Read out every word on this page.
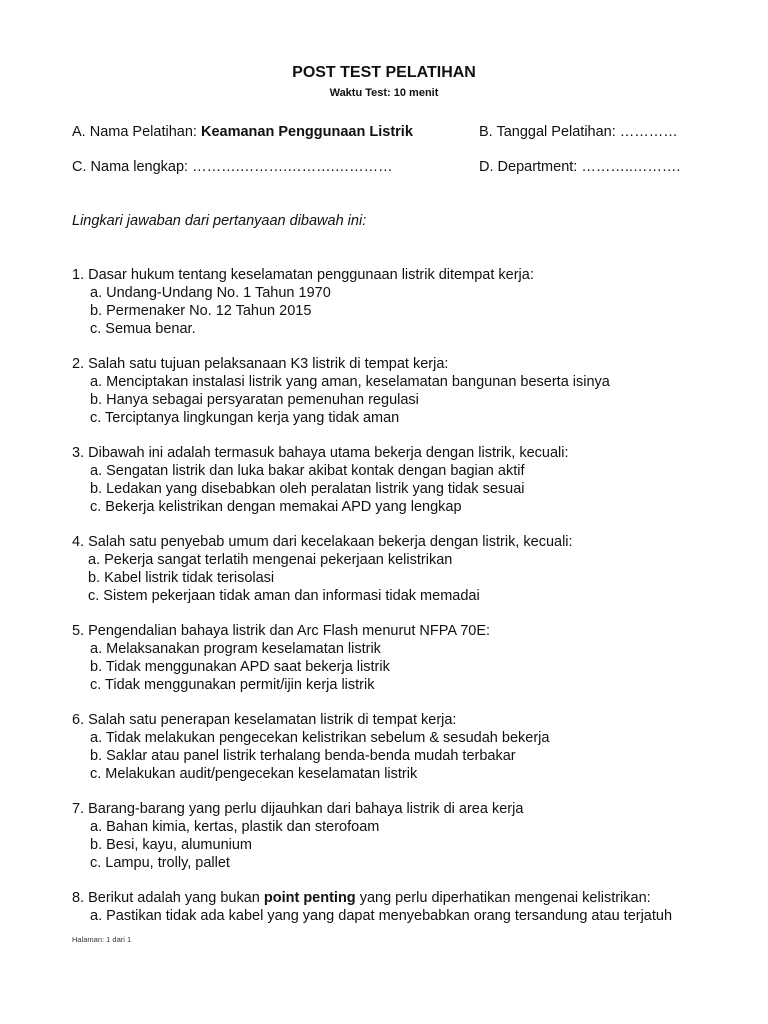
POST TEST PELATIHAN
Waktu Test: 10 menit
A. Nama Pelatihan: Keamanan Penggunaan Listrik	B. Tanggal Pelatihan: …………
C. Nama lengkap: ……….……….……….…………	D. Department: ………..……….
Lingkari jawaban dari pertanyaan dibawah ini:
1. Dasar hukum tentang keselamatan penggunaan listrik ditempat kerja:
a. Undang-Undang No. 1 Tahun 1970
b. Permenaker No. 12 Tahun 2015
c. Semua benar.
2. Salah satu tujuan pelaksanaan K3 listrik di tempat kerja:
a. Menciptakan instalasi listrik yang aman, keselamatan bangunan beserta isinya
b. Hanya sebagai persyaratan pemenuhan regulasi
c. Terciptanya lingkungan kerja yang tidak aman
3. Dibawah ini adalah termasuk bahaya utama bekerja dengan listrik, kecuali:
a. Sengatan listrik dan luka bakar akibat kontak dengan bagian aktif
b. Ledakan yang disebabkan oleh peralatan listrik yang tidak sesuai
c. Bekerja kelistrikan dengan memakai APD yang lengkap
4. Salah satu penyebab umum dari kecelakaan bekerja dengan listrik, kecuali:
a. Pekerja sangat terlatih mengenai pekerjaan kelistrikan
b. Kabel listrik tidak terisolasi
c. Sistem pekerjaan tidak aman dan informasi tidak memadai
5. Pengendalian bahaya listrik dan Arc Flash menurut NFPA 70E:
a. Melaksanakan program keselamatan listrik
b. Tidak menggunakan APD saat bekerja listrik
c. Tidak menggunakan permit/ijin kerja listrik
6. Salah satu penerapan keselamatan listrik di tempat kerja:
a. Tidak melakukan pengecekan kelistrikan sebelum & sesudah bekerja
b. Saklar atau panel listrik terhalang benda-benda mudah terbakar
c. Melakukan audit/pengecekan keselamatan listrik
7. Barang-barang yang perlu dijauhkan dari bahaya listrik di area kerja
a. Bahan kimia, kertas, plastik dan sterofoam
b. Besi, kayu, alumunium
c. Lampu, trolly, pallet
8. Berikut adalah yang bukan point penting yang perlu diperhatikan mengenai kelistrikan:
a. Pastikan tidak ada kabel yang yang dapat menyebabkan orang tersandung atau terjatuh
Halaman: 1 dari 1
